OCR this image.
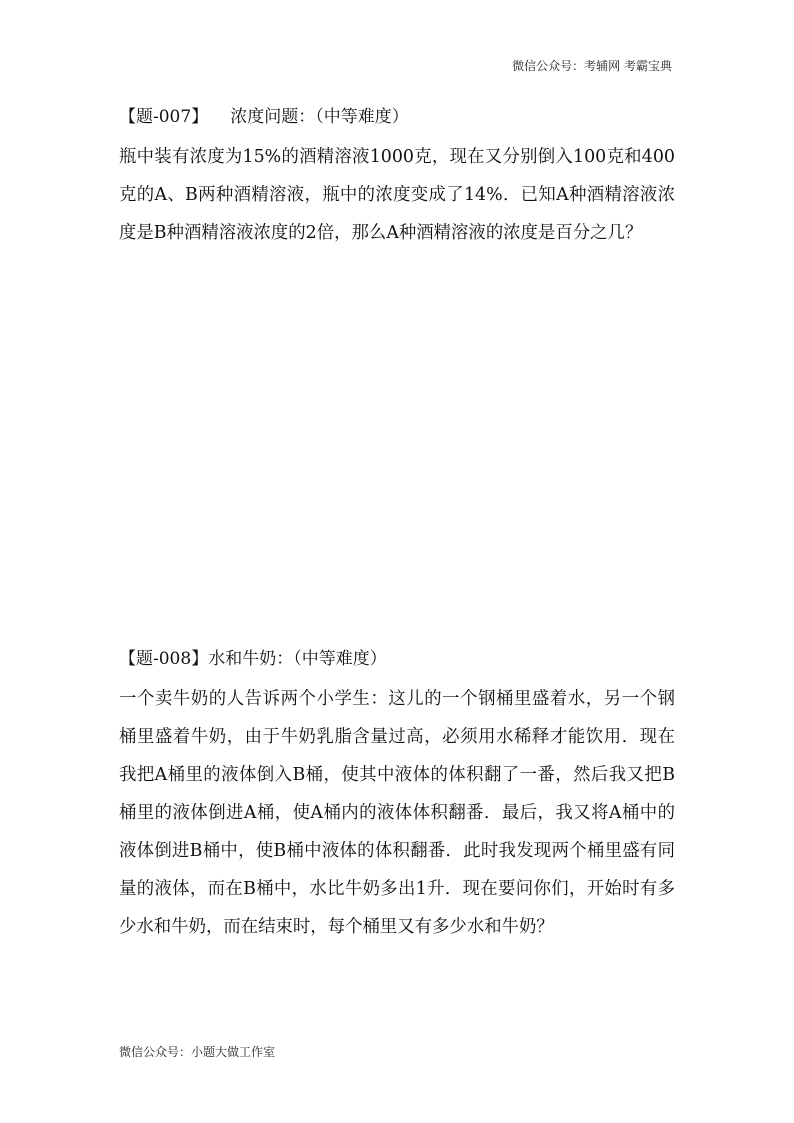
微信公众号：考辅网 考霸宝典
【题-007】 浓度问题：（中等难度）

瓶中装有浓度为15%的酒精溶液1000克，现在又分别倒入100克和400克的A、B两种酒精溶液，瓶中的浓度变成了14%．已知A种酒精溶液浓度是B种酒精溶液浓度的2倍，那么A种酒精溶液的浓度是百分之几？

【题-008】水和牛奶：（中等难度）

一个卖牛奶的人告诉两个小学生：这儿的一个钢桶里盛着水，另一个钢桶里盛着牛奶，由于牛奶乳脂含量过高，必须用水稀释才能饮用．现在我把A桶里的液体倒入B桶，使其中液体的体积翻了一番，然后我又把B桶里的液体倒进A桶，使A桶内的液体体积翻番．最后，我又将A桶中的液体倒进B桶中，使B桶中液体的体积翻番．此时我发现两个桶里盛有同量的液体，而在B桶中，水比牛奶多出1升．现在要问你们，开始时有多少水和牛奶，而在结束时，每个桶里又有多少水和牛奶？

微信公众号：小题大做工作室
